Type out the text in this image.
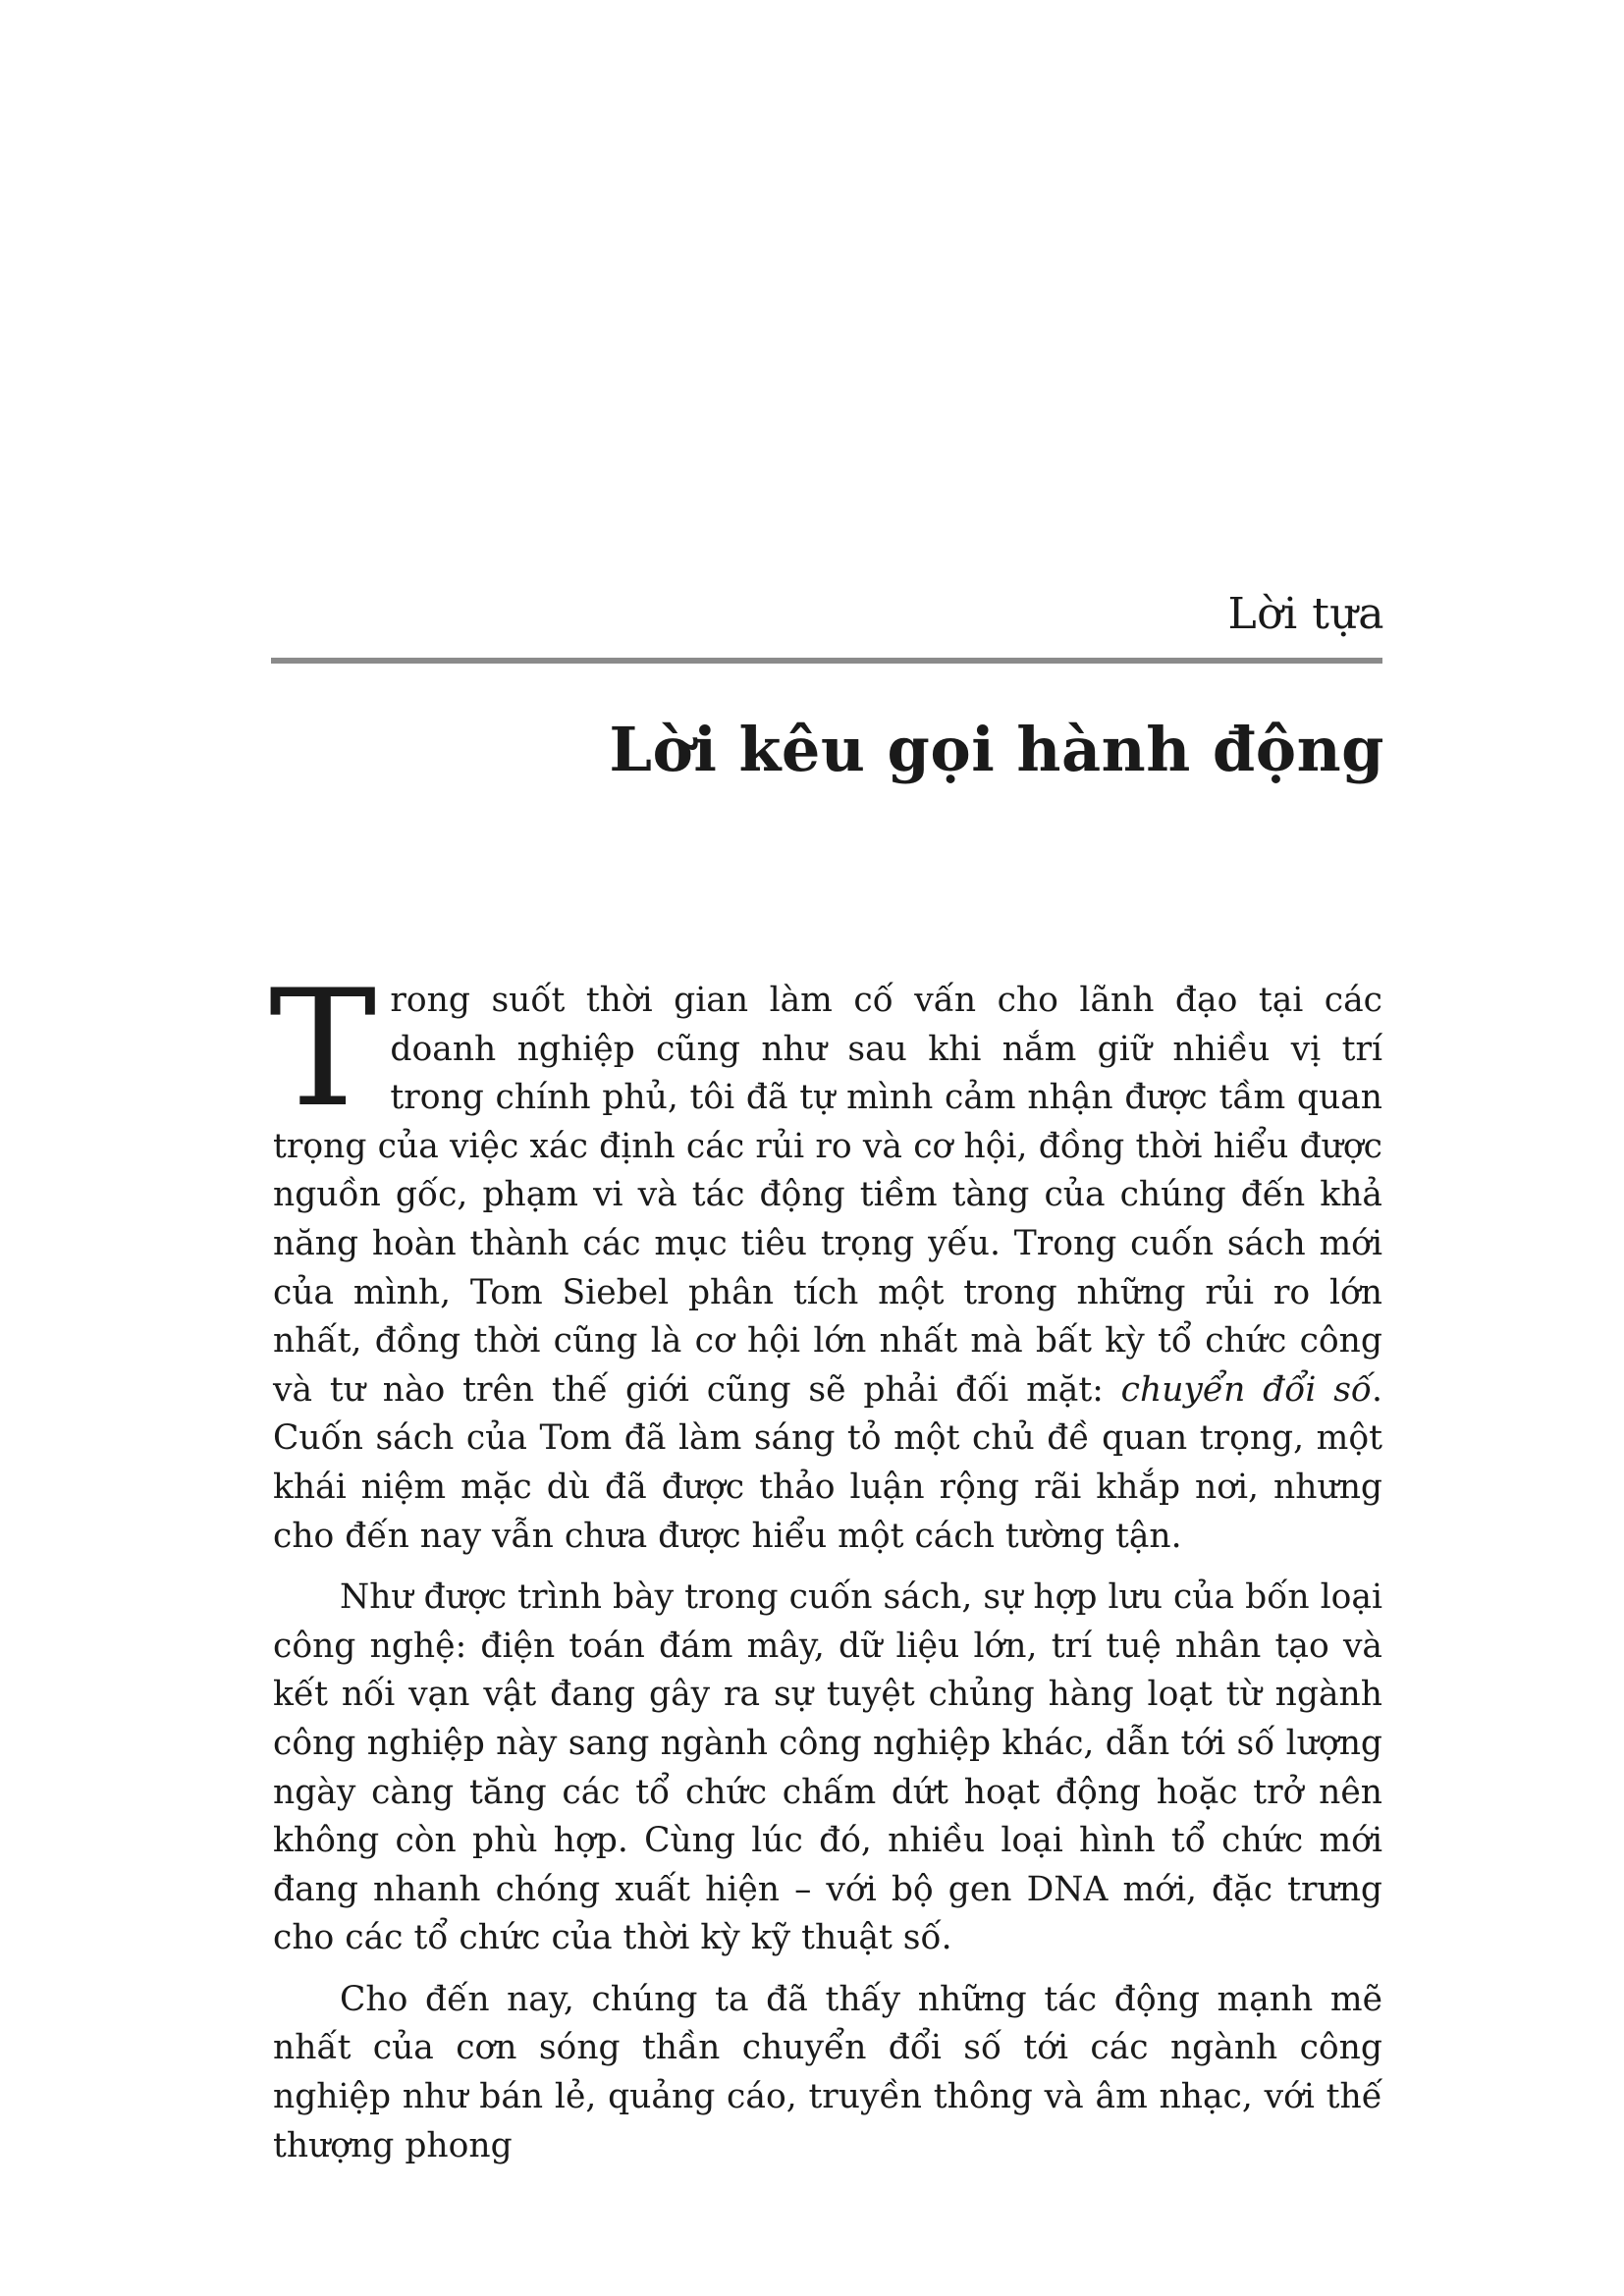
Lời tựa
Lời kêu gọi hành động

Trong suốt thời gian làm cố vấn cho lãnh đạo tại các doanh nghiệp cũng như sau khi nắm giữ nhiều vị trí trong chính phủ, tôi đã tự mình cảm nhận được tầm quan trọng của việc xác định các rủi ro và cơ hội, đồng thời hiểu được nguồn gốc, phạm vi và tác động tiềm tàng của chúng đến khả năng hoàn thành các mục tiêu trọng yếu. Trong cuốn sách mới của mình, Tom Siebel phân tích một trong những rủi ro lớn nhất, đồng thời cũng là cơ hội lớn nhất mà bất kỳ tổ chức công và tư nào trên thế giới cũng sẽ phải đối mặt: chuyển đổi số. Cuốn sách của Tom đã làm sáng tỏ một chủ đề quan trọng, một khái niệm mặc dù đã được thảo luận rộng rãi khắp nơi, nhưng cho đến nay vẫn chưa được hiểu một cách tường tận.

Như được trình bày trong cuốn sách, sự hợp lưu của bốn loại công nghệ: điện toán đám mây, dữ liệu lớn, trí tuệ nhân tạo và kết nối vạn vật đang gây ra sự tuyệt chủng hàng loạt từ ngành công nghiệp này sang ngành công nghiệp khác, dẫn tới số lượng ngày càng tăng các tổ chức chấm dứt hoạt động hoặc trở nên không còn phù hợp. Cùng lúc đó, nhiều loại hình tổ chức mới đang nhanh chóng xuất hiện – với bộ gen DNA mới, đặc trưng cho các tổ chức của thời kỳ kỹ thuật số.

Cho đến nay, chúng ta đã thấy những tác động mạnh mẽ nhất của cơn sóng thần chuyển đổi số tới các ngành công nghiệp như bán lẻ, quảng cáo, truyền thông và âm nhạc, với thế thượng phong
